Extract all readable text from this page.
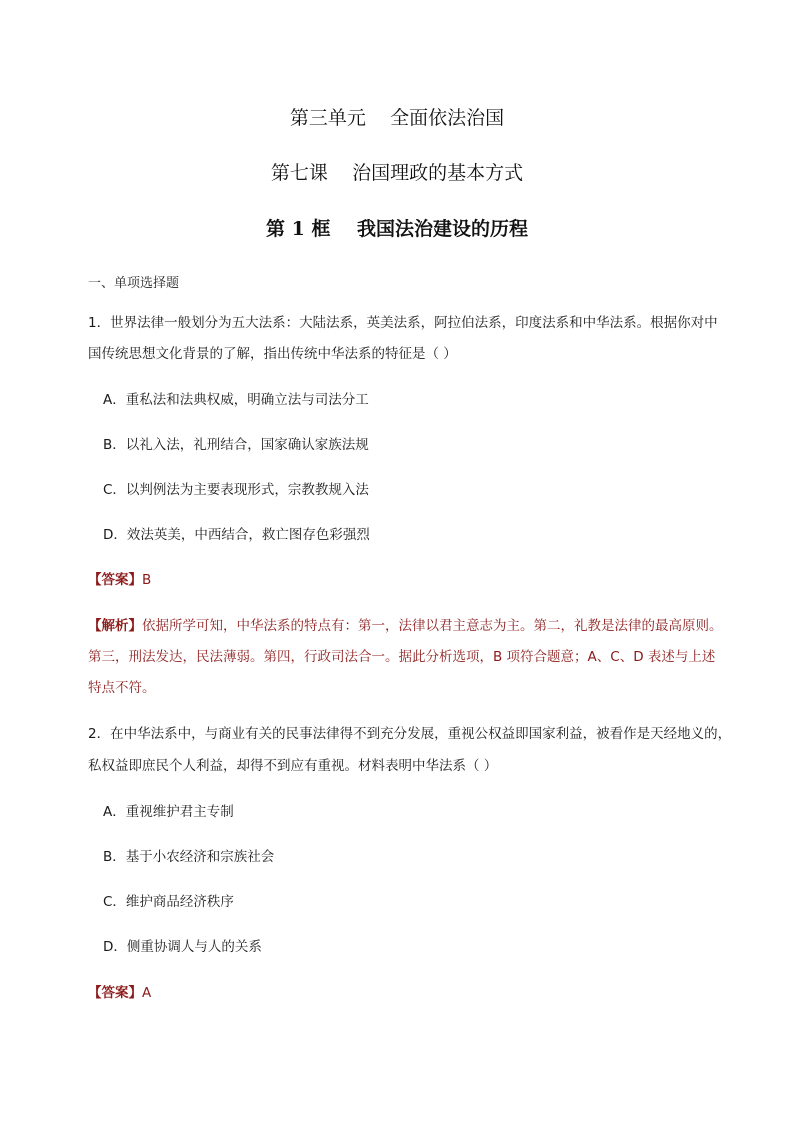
第三单元    全面依法治国
第七课    治国理政的基本方式
第 1 框    我国法治建设的历程
一、单项选择题
1．世界法律一般划分为五大法系：大陆法系，英美法系，阿拉伯法系，印度法系和中华法系。根据你对中
国传统思想文化背景的了解，指出传统中华法系的特征是（ ）
A．重私法和法典权威，明确立法与司法分工
B．以礼入法，礼刑结合，国家确认家族法规
C．以判例法为主要表现形式，宗教教规入法
D．效法英美，中西结合，救亡图存色彩强烈
【答案】B
【解析】依据所学可知，中华法系的特点有：第一，法律以君主意志为主。第二，礼教是法律的最高原则。
第三，刑法发达，民法薄弱。第四，行政司法合一。据此分析选项，B 项符合题意；A、C、D 表述与上述
特点不符。
2．在中华法系中，与商业有关的民事法律得不到充分发展，重视公权益即国家利益，被看作是天经地义的，
私权益即庶民个人利益，却得不到应有重视。材料表明中华法系（ ）
A．重视维护君主专制
B．基于小农经济和宗族社会
C．维护商品经济秩序
D．侧重协调人与人的关系
【答案】A
